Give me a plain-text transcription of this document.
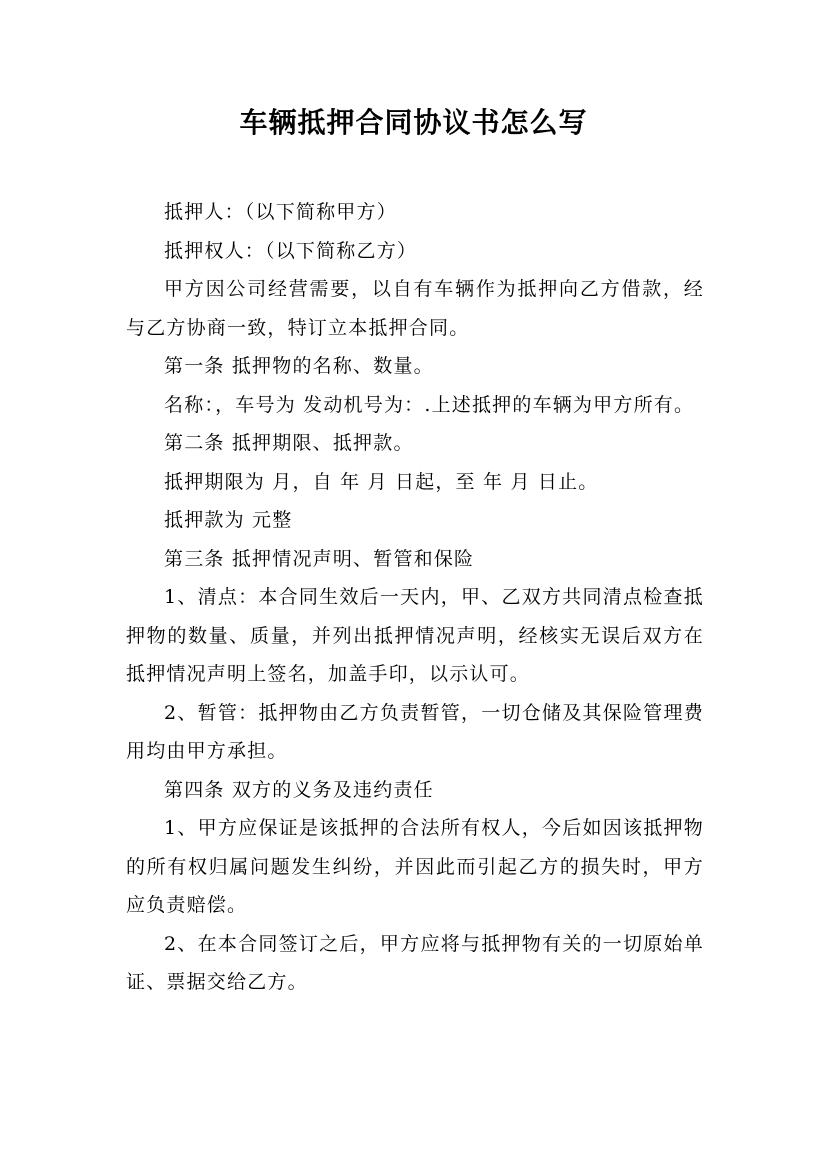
车辆抵押合同协议书怎么写

抵押人：（以下简称甲方）

抵押权人：（以下简称乙方）

甲方因公司经营需要，以自有车辆作为抵押向乙方借款，经与乙方协商一致，特订立本抵押合同。

第一条 抵押物的名称、数量。

名称：，车号为 发动机号为：.上述抵押的车辆为甲方所有。

第二条 抵押期限、抵押款。

抵押期限为 月，自 年 月 日起，至 年 月 日止。

抵押款为 元整

第三条 抵押情况声明、暂管和保险

1、清点：本合同生效后一天内，甲、乙双方共同清点检查抵押物的数量、质量，并列出抵押情况声明，经核实无误后双方在抵押情况声明上签名，加盖手印，以示认可。

2、暂管：抵押物由乙方负责暂管，一切仓储及其保险管理费用均由甲方承担。

第四条 双方的义务及违约责任

1、甲方应保证是该抵押的合法所有权人，今后如因该抵押物的所有权归属问题发生纠纷，并因此而引起乙方的损失时，甲方应负责赔偿。

2、在本合同签订之后，甲方应将与抵押物有关的一切原始单证、票据交给乙方。
